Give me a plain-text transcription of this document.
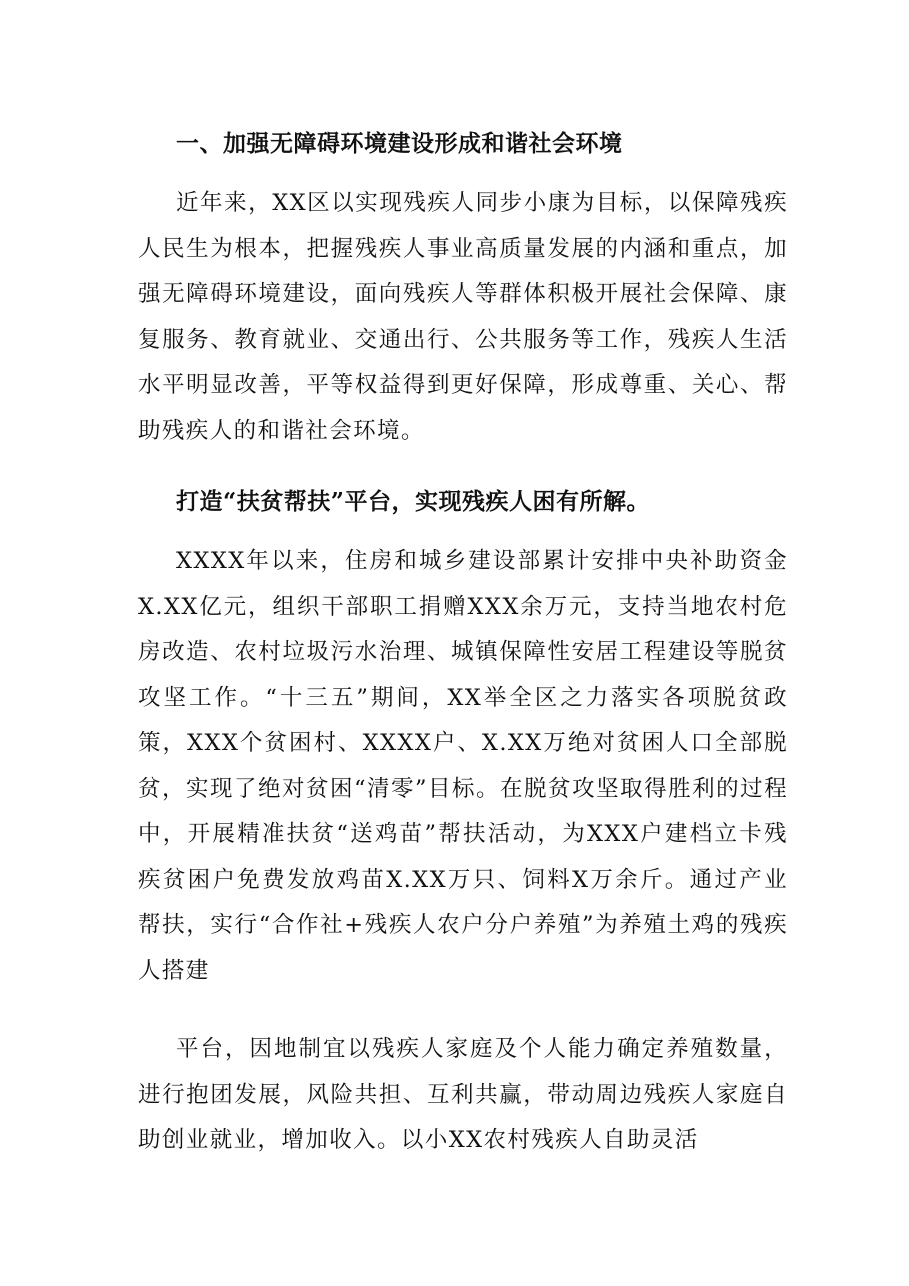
一、加强无障碍环境建设形成和谐社会环境
近年来，XX区以实现残疾人同步小康为目标，以保障残疾人民生为根本，把握残疾人事业高质量发展的内涵和重点，加强无障碍环境建设，面向残疾人等群体积极开展社会保障、康复服务、教育就业、交通出行、公共服务等工作，残疾人生活水平明显改善，平等权益得到更好保障，形成尊重、关心、帮助残疾人的和谐社会环境。
打造“扶贫帮扶”平台，实现残疾人困有所解。
XXXX年以来，住房和城乡建设部累计安排中央补助资金X.XX亿元，组织干部职工捐赠XXX余万元，支持当地农村危房改造、农村垃圾污水治理、城镇保障性安居工程建设等脱贫攻坚工作。“十三五”期间，XX举全区之力落实各项脱贫政策，XXX个贫困村、XXXX户、X.XX万绝对贫困人口全部脱贫，实现了绝对贫困“清零”目标。在脱贫攻坚取得胜利的过程中，开展精准扶贫“送鸡苗”帮扶活动，为XXX户建档立卡残疾贫困户免费发放鸡苗X.XX万只、饲料X万余斤。通过产业帮扶，实行“合作社+残疾人农户分户养殖”为养殖土鸡的残疾人搭建
平台，因地制宜以残疾人家庭及个人能力确定养殖数量，进行抱团发展，风险共担、互利共赢，带动周边残疾人家庭自助创业就业，增加收入。以小XX农村残疾人自助灵活
